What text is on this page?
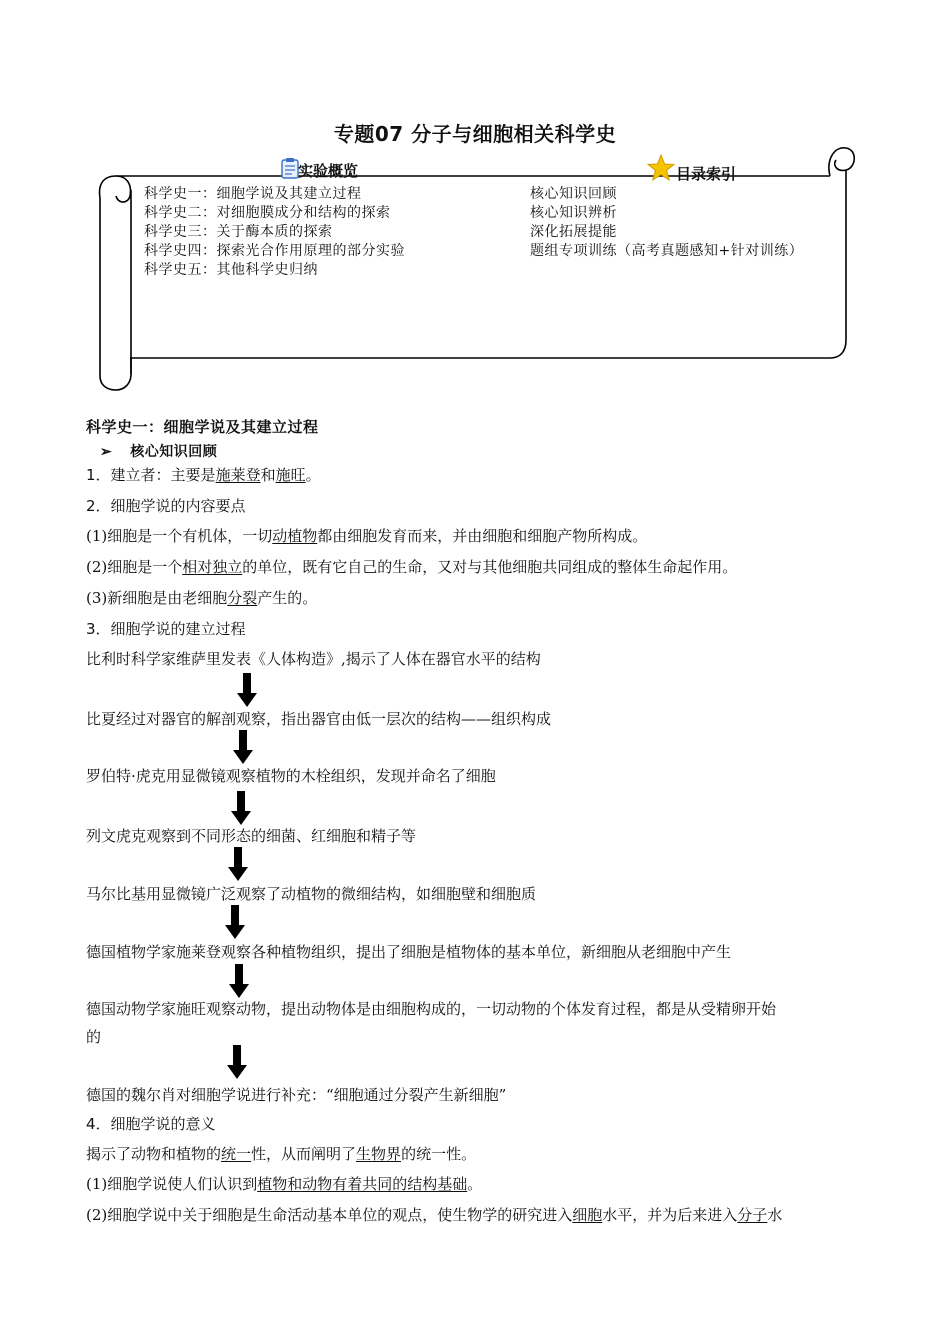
专题07 分子与细胞相关科学史
实验概览	目录索引
科学史一：细胞学说及其建立过程
科学史二：对细胞膜成分和结构的探索
科学史三：关于酶本质的探索
科学史四：探索光合作用原理的部分实验
科学史五：其他科学史归纳
核心知识回顾
核心知识辨析
深化拓展提能
题组专项训练（高考真题感知+针对训练）
科学史一：细胞学说及其建立过程
➢ 核心知识回顾
1．建立者：主要是施莱登和施旺。
2．细胞学说的内容要点
(1)细胞是一个有机体，一切动植物都由细胞发育而来，并由细胞和细胞产物所构成。
(2)细胞是一个相对独立的单位，既有它自己的生命，又对与其他细胞共同组成的整体生命起作用。
(3)新细胞是由老细胞分裂产生的。
3．细胞学说的建立过程
比利时科学家维萨里发表《人体构造》,揭示了人体在器官水平的结构
比夏经过对器官的解剖观察，指出器官由低一层次的结构——组织构成
罗伯特·虎克用显微镜观察植物的木栓组织，发现并命名了细胞
列文虎克观察到不同形态的细菌、红细胞和精子等
马尔比基用显微镜广泛观察了动植物的微细结构，如细胞壁和细胞质
德国植物学家施莱登观察各种植物组织，提出了细胞是植物体的基本单位，新细胞从老细胞中产生
德国动物学家施旺观察动物，提出动物体是由细胞构成的，一切动物的个体发育过程，都是从受精卵开始
的
德国的魏尔肖对细胞学说进行补充：“细胞通过分裂产生新细胞”
4．细胞学说的意义
揭示了动物和植物的统一性，从而阐明了生物界的统一性。
(1)细胞学说使人们认识到植物和动物有着共同的结构基础。
(2)细胞学说中关于细胞是生命活动基本单位的观点，使生物学的研究进入细胞水平，并为后来进入分子水
